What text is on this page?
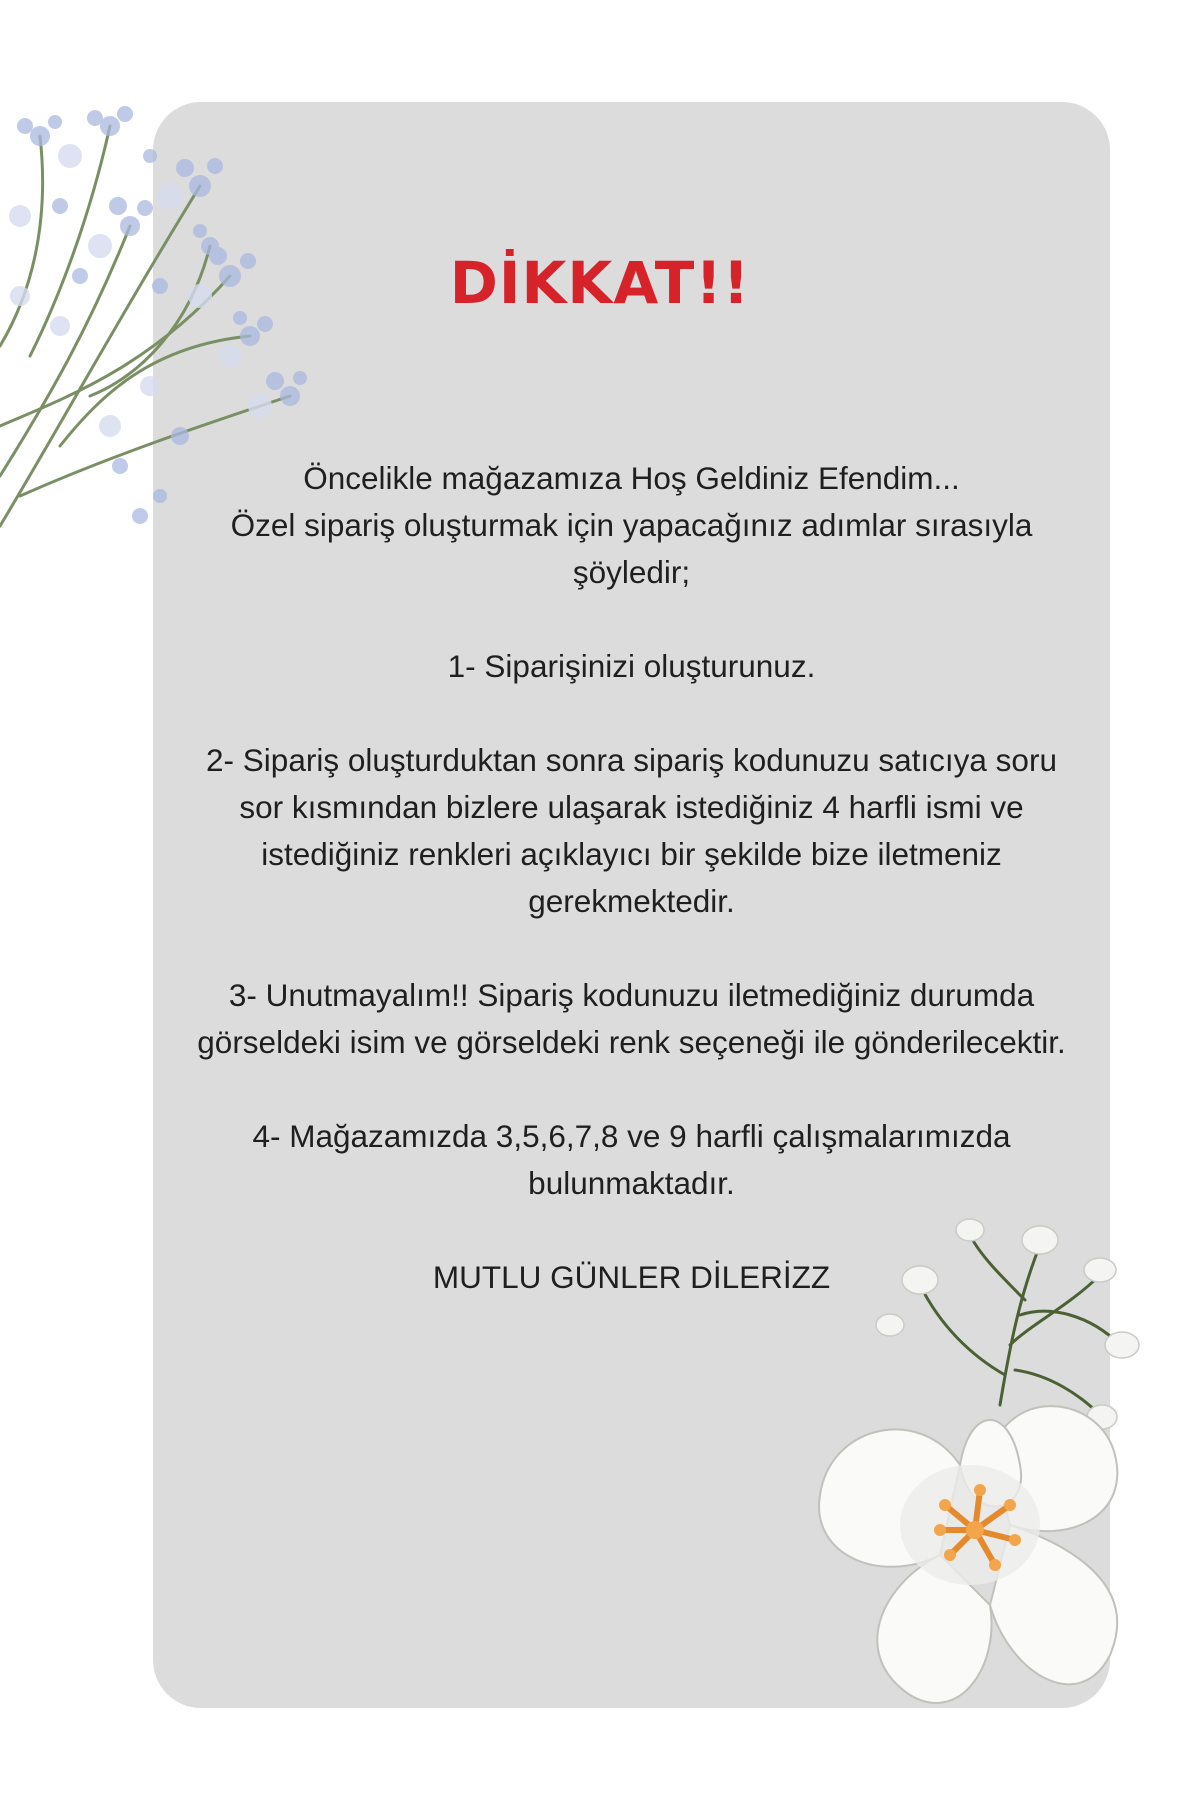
DİKKAT!!

Öncelikle mağazamıza Hoş Geldiniz Efendim...
Özel sipariş oluşturmak için yapacağınız adımlar sırasıyla
şöyledir;

1- Siparişinizi oluşturunuz.

2- Sipariş oluşturduktan sonra sipariş kodunuzu satıcıya soru
sor kısmından bizlere ulaşarak istediğiniz 4 harfli ismi ve
istediğiniz renkleri açıklayıcı bir şekilde bize iletmeniz
gerekmektedir.

3- Unutmayalım!! Sipariş kodunuzu iletmediğiniz durumda
görseldeki isim ve görseldeki renk seçeneği ile gönderilecektir.

4- Mağazamızda 3,5,6,7,8 ve 9 harfli çalışmalarımızda
bulunmaktadır.

MUTLU GÜNLER DİLERİZZ
